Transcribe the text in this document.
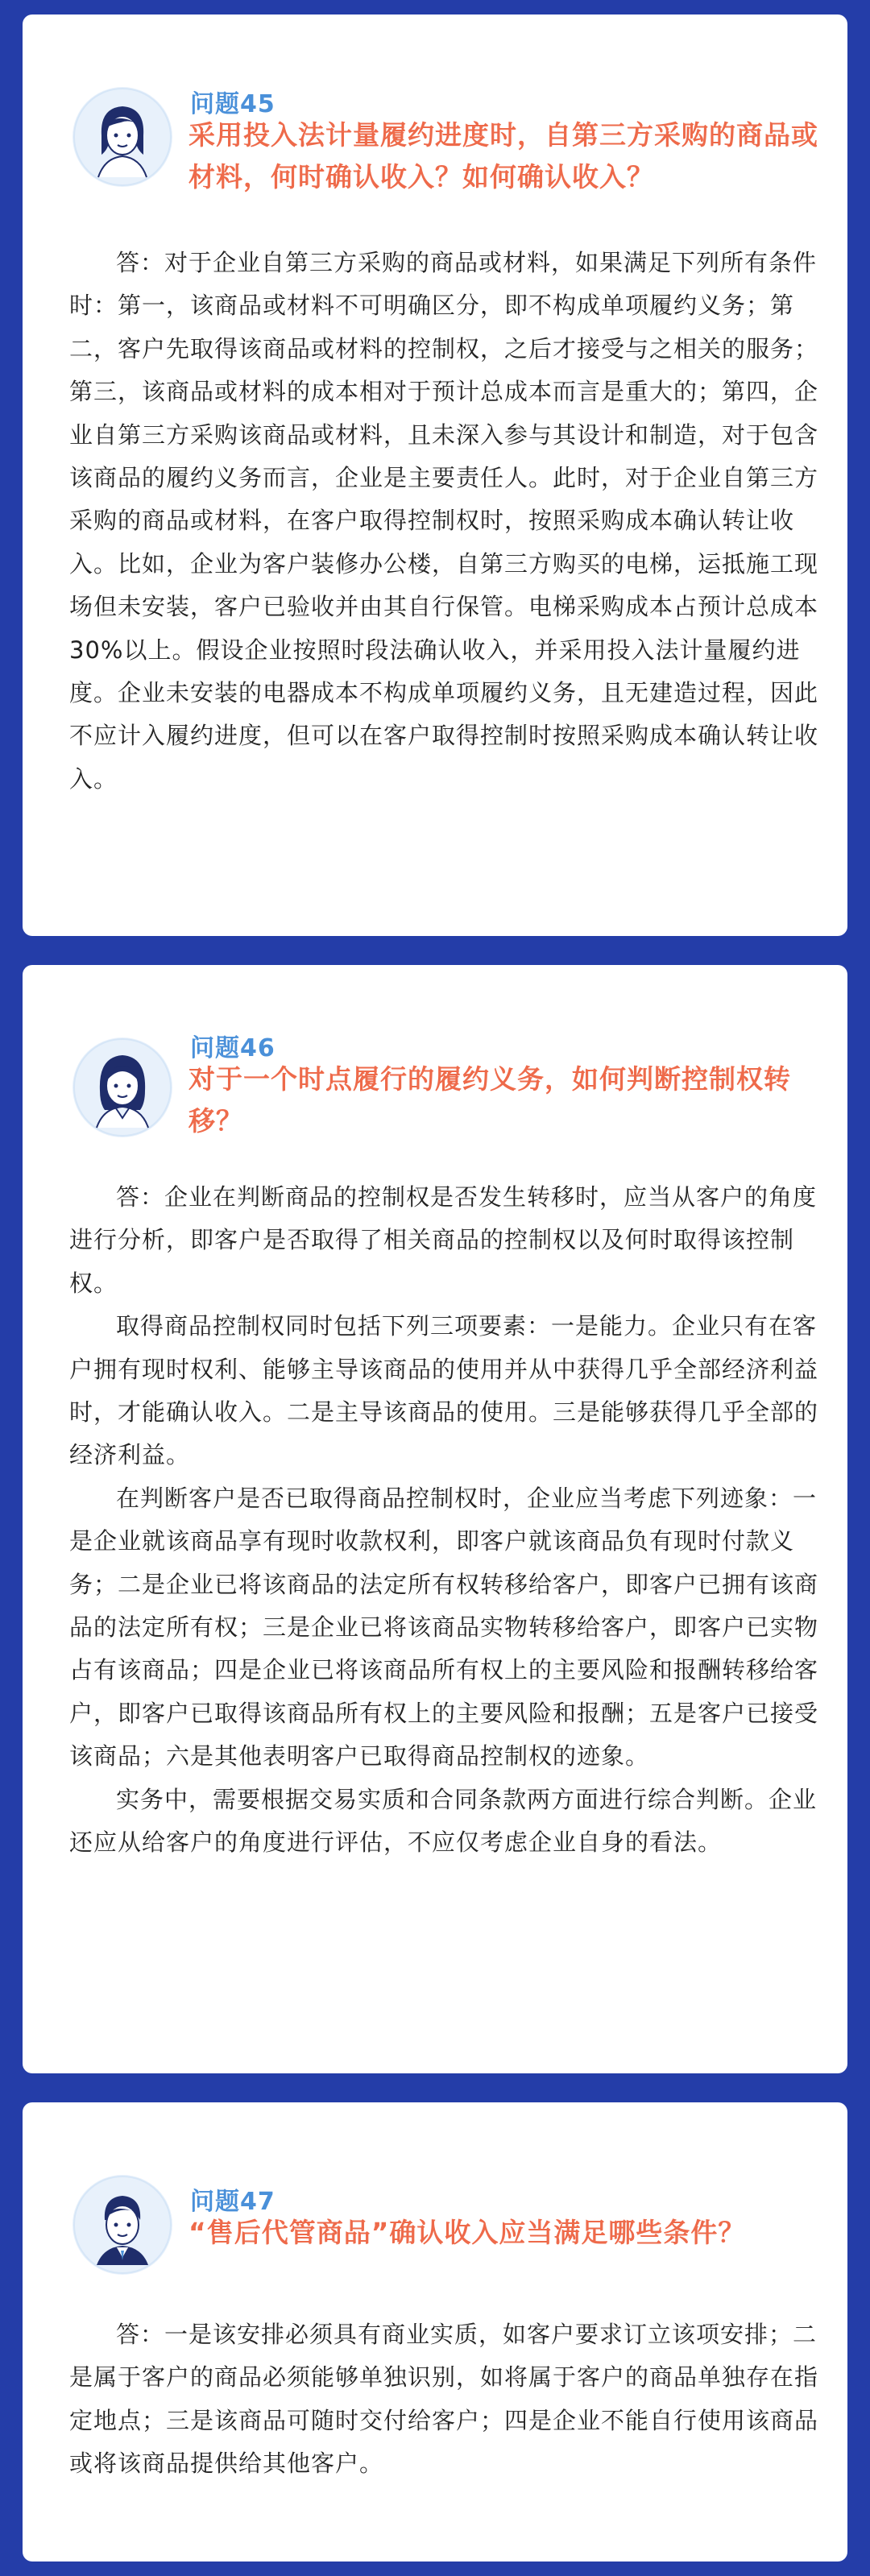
问题45
采用投入法计量履约进度时，自第三方采购的商品或材料，何时确认收入？如何确认收入？

答：对于企业自第三方采购的商品或材料，如果满足下列所有条件时：第一，该商品或材料不可明确区分，即不构成单项履约义务；第二，客户先取得该商品或材料的控制权，之后才接受与之相关的服务；第三，该商品或材料的成本相对于预计总成本而言是重大的；第四，企业自第三方采购该商品或材料，且未深入参与其设计和制造，对于包含该商品的履约义务而言，企业是主要责任人。此时，对于企业自第三方采购的商品或材料，在客户取得控制权时，按照采购成本确认转让收入。比如，企业为客户装修办公楼，自第三方购买的电梯，运抵施工现场但未安装，客户已验收并由其自行保管。电梯采购成本占预计总成本30%以上。假设企业按照时段法确认收入，并采用投入法计量履约进度。企业未安装的电器成本不构成单项履约义务，且无建造过程，因此不应计入履约进度，但可以在客户取得控制时按照采购成本确认转让收入。

问题46
对于一个时点履行的履约义务，如何判断控制权转移？

答：企业在判断商品的控制权是否发生转移时，应当从客户的角度进行分析，即客户是否取得了相关商品的控制权以及何时取得该控制权。

取得商品控制权同时包括下列三项要素：一是能力。企业只有在客户拥有现时权利、能够主导该商品的使用并从中获得几乎全部经济利益时，才能确认收入。二是主导该商品的使用。三是能够获得几乎全部的经济利益。

在判断客户是否已取得商品控制权时，企业应当考虑下列迹象：一是企业就该商品享有现时收款权利，即客户就该商品负有现时付款义务；二是企业已将该商品的法定所有权转移给客户，即客户已拥有该商品的法定所有权；三是企业已将该商品实物转移给客户，即客户已实物占有该商品；四是企业已将该商品所有权上的主要风险和报酬转移给客户，即客户已取得该商品所有权上的主要风险和报酬；五是客户已接受该商品；六是其他表明客户已取得商品控制权的迹象。

实务中，需要根据交易实质和合同条款两方面进行综合判断。企业还应从给客户的角度进行评估，不应仅考虑企业自身的看法。

问题47
“售后代管商品”确认收入应当满足哪些条件？

答：一是该安排必须具有商业实质，如客户要求订立该项安排；二是属于客户的商品必须能够单独识别，如将属于客户的商品单独存在指定地点；三是该商品可随时交付给客户；四是企业不能自行使用该商品或将该商品提供给其他客户。
